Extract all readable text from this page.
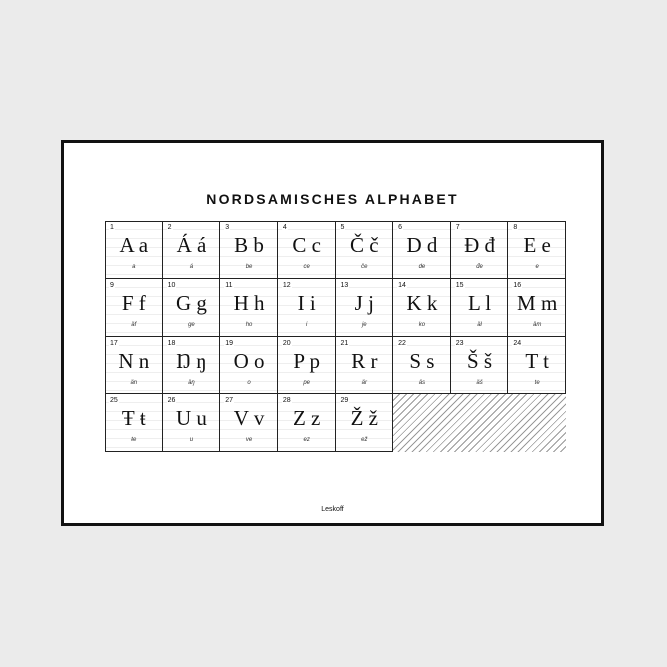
NORDSAMISCHES ALPHABET
1
A a
a
2
Á á
á
3
B b
be
4
C c
ce
5
Č č
če
6
D d
de
7
Đ đ
đe
8
E e
e
9
F f
äf
10
G g
ge
11
H h
ho
12
I i
i
13
J j
je
14
K k
ko
15
L l
äl
16
M m
äm
17
N n
än
18
Ŋ ŋ
äŋ
19
O o
o
20
P p
pe
21
R r
är
22
S s
äs
23
Š š
äš
24
T t
te
25
Ŧ ŧ
ŧe
26
U u
u
27
V v
ve
28
Z z
ez
29
Ž ž
ež
Leskoff
